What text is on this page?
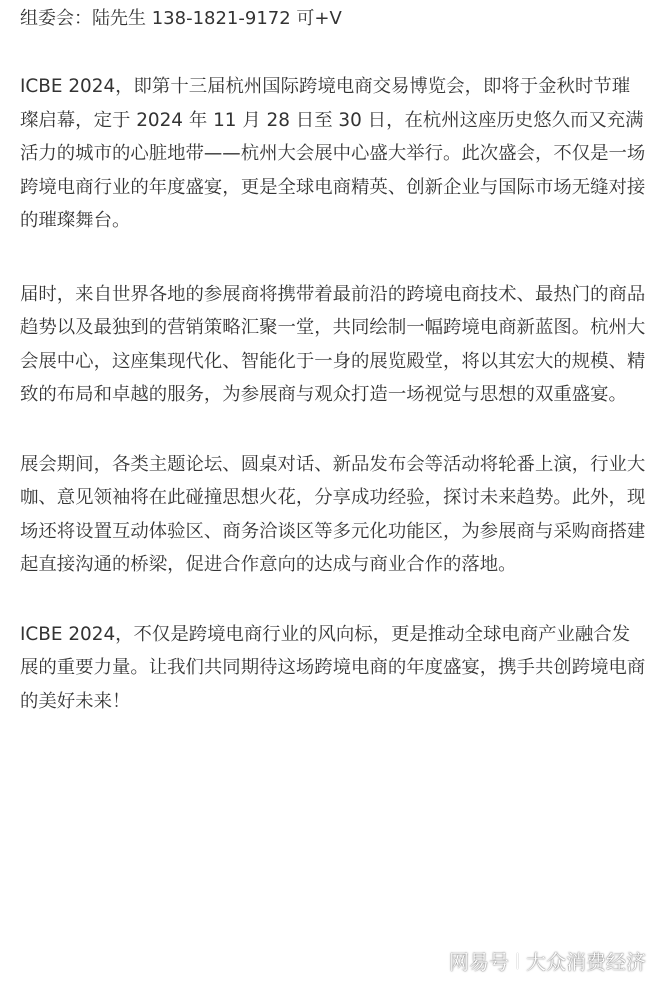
组委会：陆先生 138-1821-9172 可+V

ICBE 2024，即第十三届杭州国际跨境电商交易博览会，即将于金秋时节璀璨启幕，定于 2024 年 11 月 28 日至 30 日，在杭州这座历史悠久而又充满活力的城市的心脏地带——杭州大会展中心盛大举行。此次盛会，不仅是一场跨境电商行业的年度盛宴，更是全球电商精英、创新企业与国际市场无缝对接的璀璨舞台。

届时，来自世界各地的参展商将携带着最前沿的跨境电商技术、最热门的商品趋势以及最独到的营销策略汇聚一堂，共同绘制一幅跨境电商新蓝图。杭州大会展中心，这座集现代化、智能化于一身的展览殿堂，将以其宏大的规模、精致的布局和卓越的服务，为参展商与观众打造一场视觉与思想的双重盛宴。

展会期间，各类主题论坛、圆桌对话、新品发布会等活动将轮番上演，行业大咖、意见领袖将在此碰撞思想火花，分享成功经验，探讨未来趋势。此外，现场还将设置互动体验区、商务洽谈区等多元化功能区，为参展商与采购商搭建起直接沟通的桥梁，促进合作意向的达成与商业合作的落地。

ICBE 2024，不仅是跨境电商行业的风向标，更是推动全球电商产业融合发展的重要力量。让我们共同期待这场跨境电商的年度盛宴，携手共创跨境电商的美好未来！

网易号 大众消费经济
